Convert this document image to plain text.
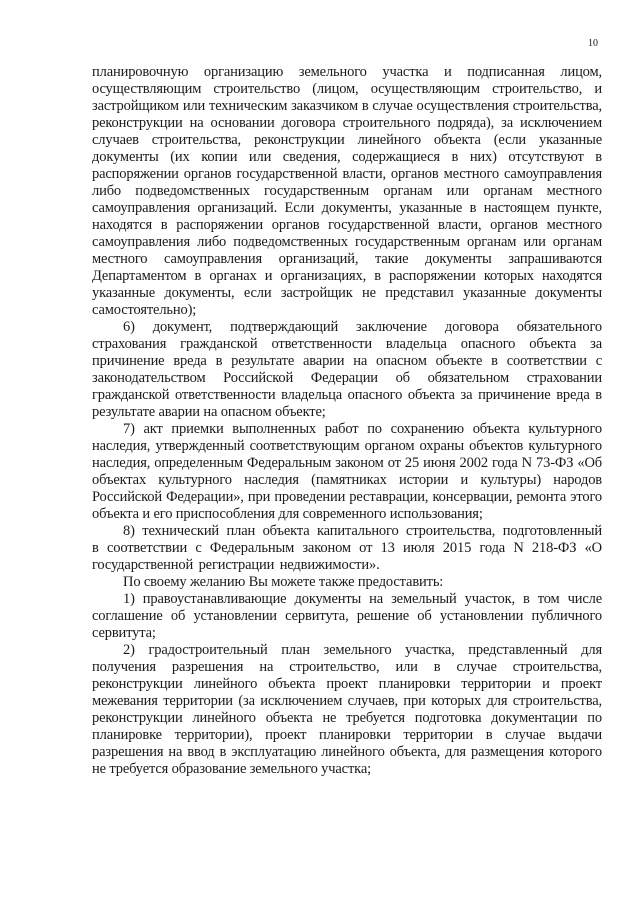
10

планировочную организацию земельного участка и подписанная лицом, осуществляющим строительство (лицом, осуществляющим строительство, и застройщиком или техническим заказчиком в случае осуществления строительства, реконструкции на основании договора строительного подряда), за исключением случаев строительства, реконструкции линейного объекта (если указанные документы (их копии или сведения, содержащиеся в них) отсутствуют в распоряжении органов государственной власти, органов местного самоуправления либо подведомственных государственным органам или органам местного самоуправления организаций. Если документы, указанные в настоящем пункте, находятся в распоряжении органов государственной власти, органов местного самоуправления либо подведомственных государственным органам или органам местного самоуправления организаций, такие документы запрашиваются Департаментом в органах и организациях, в распоряжении которых находятся указанные документы, если застройщик не представил указанные документы самостоятельно);

6) документ, подтверждающий заключение договора обязательного страхования гражданской ответственности владельца опасного объекта за причинение вреда в результате аварии на опасном объекте в соответствии с законодательством Российской Федерации об обязательном страховании гражданской ответственности владельца опасного объекта за причинение вреда в результате аварии на опасном объекте;

7) акт приемки выполненных работ по сохранению объекта культурного наследия, утвержденный соответствующим органом охраны объектов культурного наследия, определенным Федеральным законом от 25 июня 2002 года N 73-ФЗ «Об объектах культурного наследия (памятниках истории и культуры) народов Российской Федерации», при проведении реставрации, консервации, ремонта этого объекта и его приспособления для современного использования;

8) технический план объекта капитального строительства, подготовленный в соответствии с Федеральным законом от 13 июля 2015 года N 218-ФЗ «О государственной регистрации недвижимости».

По своему желанию Вы можете также предоставить:

1) правоустанавливающие документы на земельный участок, в том числе соглашение об установлении сервитута, решение об установлении публичного сервитута;

2) градостроительный план земельного участка, представленный для получения разрешения на строительство, или в случае строительства, реконструкции линейного объекта проект планировки территории и проект межевания территории (за исключением случаев, при которых для строительства, реконструкции линейного объекта не требуется подготовка документации по планировке территории), проект планировки территории в случае выдачи разрешения на ввод в эксплуатацию линейного объекта, для размещения которого не требуется образование земельного участка;
